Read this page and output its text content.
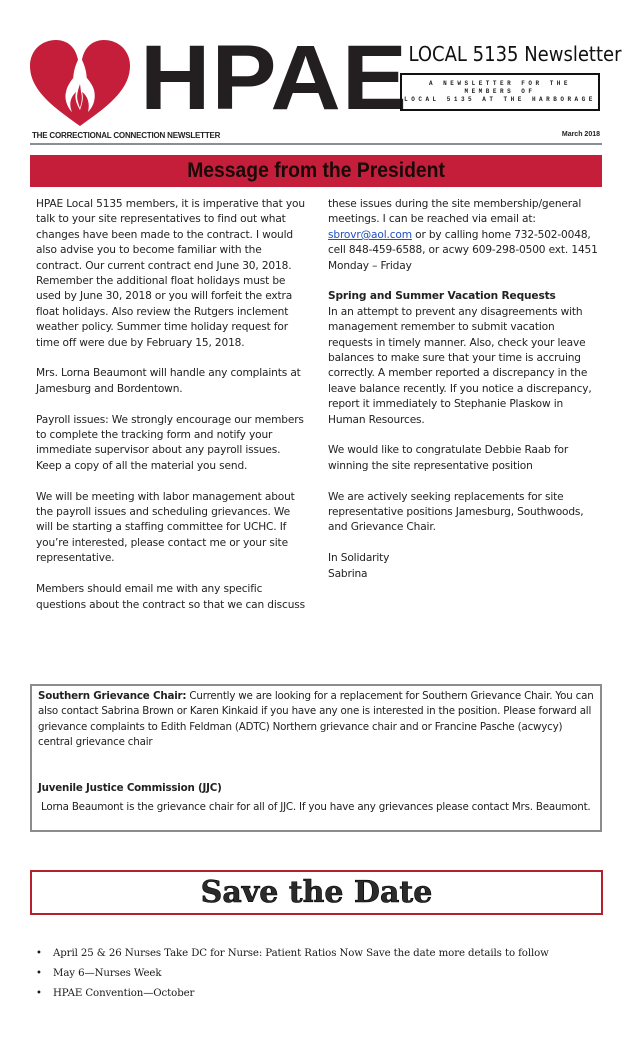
HPAE LOCAL 5135 Newsletter
A NEWSLETTER FOR THE
MEMBERS OF
LOCAL 5135 AT THE HARBORAGE
THE CORRECTIONAL CONNECTION NEWSLETTER	March 2018
Message from the President

HPAE Local 5135 members, it is imperative that you talk to your site representatives to find out what changes have been made to the contract. I would also advise you to become familiar with the contract. Our current contract end June 30, 2018. Remember the additional float holidays must be used by June 30, 2018 or you will forfeit the extra float holidays. Also review the Rutgers inclement weather policy. Summer time holiday request for time off were due by February 15, 2018.

Mrs. Lorna Beaumont will handle any complaints at Jamesburg and Bordentown.

Payroll issues: We strongly encourage our members to complete the tracking form and notify your immediate supervisor about any payroll issues. Keep a copy of all the material you send.

We will be meeting with labor management about the payroll issues and scheduling grievances. We will be starting a staffing committee for UCHC. If you’re interested, please contact me or your site representative.

Members should email me with any specific questions about the contract so that we can discuss

these issues during the site membership/general meetings. I can be reached via email at:
sbrovr@aol.com or by calling home 732-502-0048, cell 848-459-6588, or acwy 609-298-0500 ext. 1451 Monday – Friday

Spring and Summer Vacation Requests
In an attempt to prevent any disagreements with management remember to submit vacation requests in timely manner. Also, check your leave balances to make sure that your time is accruing correctly. A member reported a discrepancy in the leave balance recently. If you notice a discrepancy, report it immediately to Stephanie Plaskow in Human Resources.

We would like to congratulate Debbie Raab for winning the site representative position

We are actively seeking replacements for site representative positions Jamesburg, Southwoods, and Grievance Chair.

In Solidarity
Sabrina

Southern Grievance Chair: Currently we are looking for a replacement for Southern Grievance Chair. You can also contact Sabrina Brown or Karen Kinkaid if you have any one is interested in the position. Please forward all grievance complaints to Edith Feldman (ADTC) Northern grievance chair and or Francine Pasche (acwycy) central grievance chair

Juvenile Justice Commission (JJC)

Lorna Beaumont is the grievance chair for all of JJC. If you have any grievances please contact Mrs. Beaumont.

Save the Date
•	April 25 & 26 Nurses Take DC for Nurse: Patient Ratios Now Save the date more details to follow
•	May 6—Nurses Week
•	HPAE Convention—October
